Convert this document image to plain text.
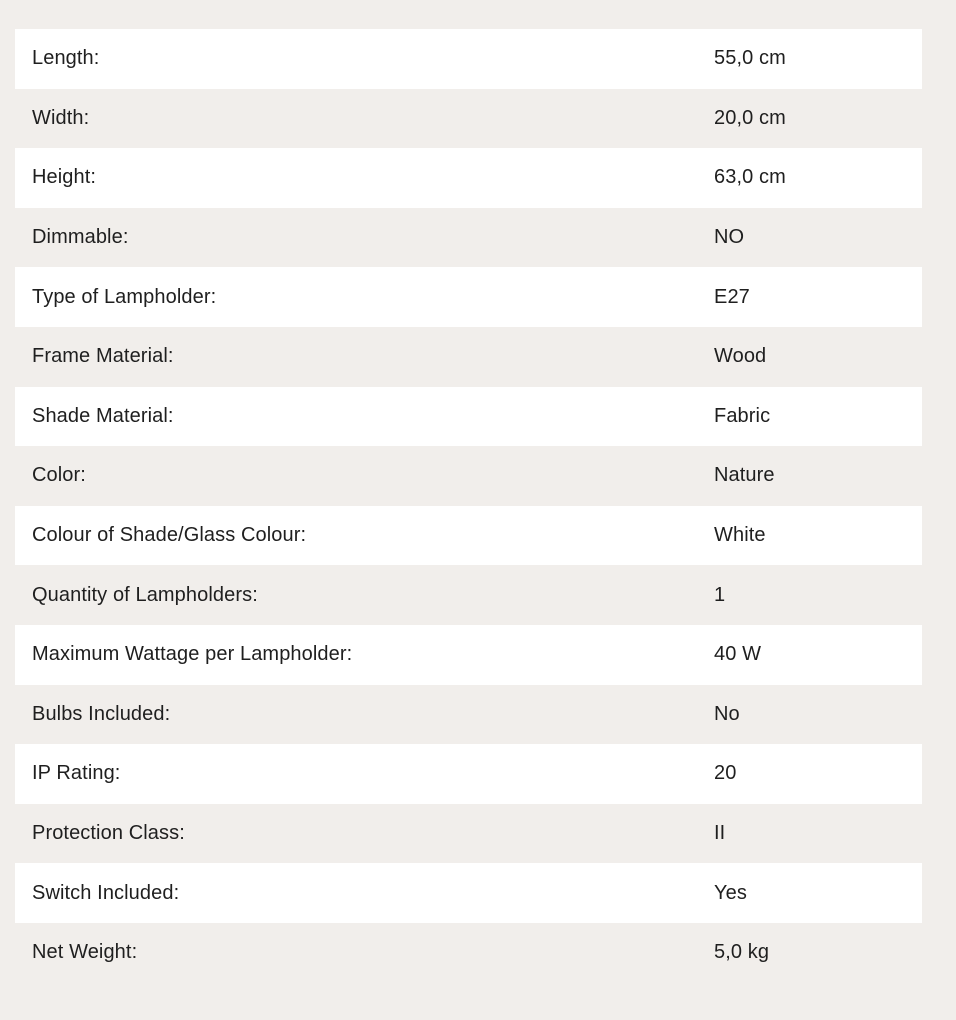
Length:	55,0 cm
Width:	20,0 cm
Height:	63,0 cm
Dimmable:	NO
Type of Lampholder:	E27
Frame Material:	Wood
Shade Material:	Fabric
Color:	Nature
Colour of Shade/Glass Colour:	White
Quantity of Lampholders:	1
Maximum Wattage per Lampholder:	40 W
Bulbs Included:	No
IP Rating:	20
Protection Class:	II
Switch Included:	Yes
Net Weight:	5,0 kg
